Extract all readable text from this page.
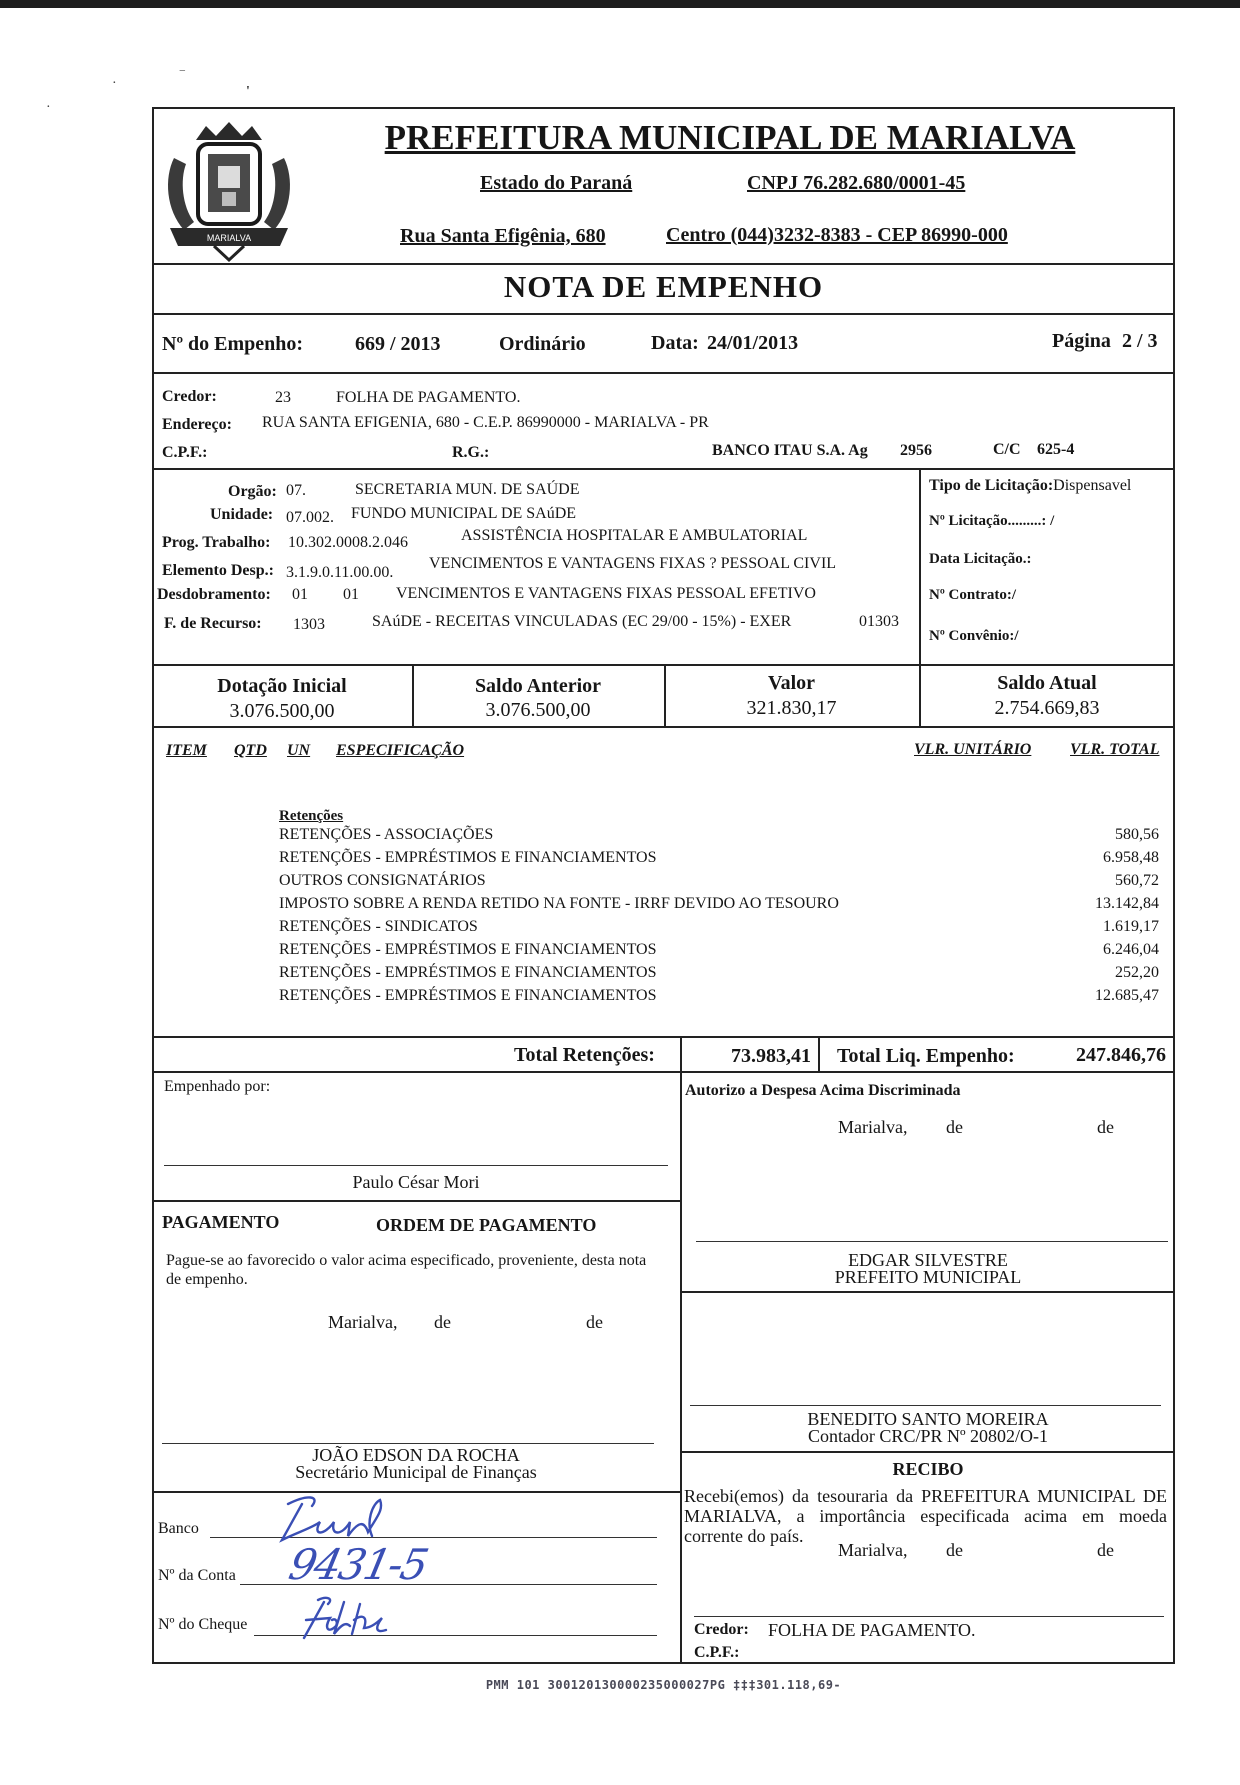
·	‾
'
·
MARIALVA
PREFEITURA MUNICIPAL DE MARIALVA
Estado do Paraná	CNPJ 76.282.680/0001-45
Rua Santa Efigênia, 680	Centro (044)3232-8383 - CEP 86990-000
NOTA DE EMPENHO
Nº do Empenho:	669 / 2013	Ordinário	Data: 24/01/2013	Página 2 / 3
Credor:	23	FOLHA DE PAGAMENTO.
Endereço: RUA SANTA EFIGENIA, 680 - C.E.P. 86990000 - MARIALVA - PR
C.P.F.:	R.G.:	BANCO ITAU S.A. Ag 2956	C/C 625-4
Orgão: 07.	SECRETARIA MUN. DE SAÚDE
Unidade: 07.002. FUNDO MUNICIPAL DE SAúDE
Prog. Trabalho: 10.302.0008.2.046	ASSISTÊNCIA HOSPITALAR E AMBULATORIAL
Elemento Desp.: 3.1.9.0.11.00.00.
VENCIMENTOS E VANTAGENS FIXAS ? PESSOAL CIVIL
Desdobramento: 01 01 VENCIMENTOS E VANTAGENS FIXAS PESSOAL EFETIVO
F. de Recurso: 1303	SAúDE - RECEITAS VINCULADAS (EC 29/00 - 15%) - EXER	01303
Tipo de Licitação:Dispensavel
Nº Licitação.........: /
Data Licitação.:
Nº Contrato:/
Nº Convênio:/
Dotação Inicial
3.076.500,00
Saldo Anterior
3.076.500,00
Valor
321.830,17
Saldo Atual
2.754.669,83
ITEM QTD UN ESPECIFICAÇÃO	VLR. UNITÁRIO VLR. TOTAL
Retenções
RETENÇÕES - ASSOCIAÇÕES	580,56
RETENÇÕES - EMPRÉSTIMOS E FINANCIAMENTOS	6.958,48
OUTROS CONSIGNATÁRIOS	560,72
IMPOSTO SOBRE A RENDA RETIDO NA FONTE - IRRF DEVIDO AO TESOURO	13.142,84
RETENÇÕES - SINDICATOS	1.619,17
RETENÇÕES - EMPRÉSTIMOS E FINANCIAMENTOS	6.246,04
RETENÇÕES - EMPRÉSTIMOS E FINANCIAMENTOS	252,20
RETENÇÕES - EMPRÉSTIMOS E FINANCIAMENTOS	12.685,47
Total Retenções:	73.983,41 Total Liq. Empenho:	247.846,76
Empenhado por:
Paulo César Mori
Autorizo a Despesa Acima Discriminada
Marialva, de	de
EDGAR SILVESTRE
PREFEITO MUNICIPAL
PAGAMENTO	ORDEM DE PAGAMENTO
Pague-se ao favorecido o valor acima especificado, proveniente, desta nota de empenho.
Marialva, de	de
BENEDITO SANTO MOREIRA
Contador CRC/PR Nº 20802/O-1
JOÃO EDSON DA ROCHA
Secretário Municipal de Finanças	RECIBO
Recebi(emos) da tesouraria da PREFEITURA MUNICIPAL DE MARIALVA, a importância especificada acima em moeda corrente do país.
Marialva, de	de
Credor: FOLHA DE PAGAMENTO.
C.P.F.:
Banco
Nº da Conta
Nº do Cheque
9431-5
PMM 101 300120130000235000027PG ‡‡‡301.118,69-
